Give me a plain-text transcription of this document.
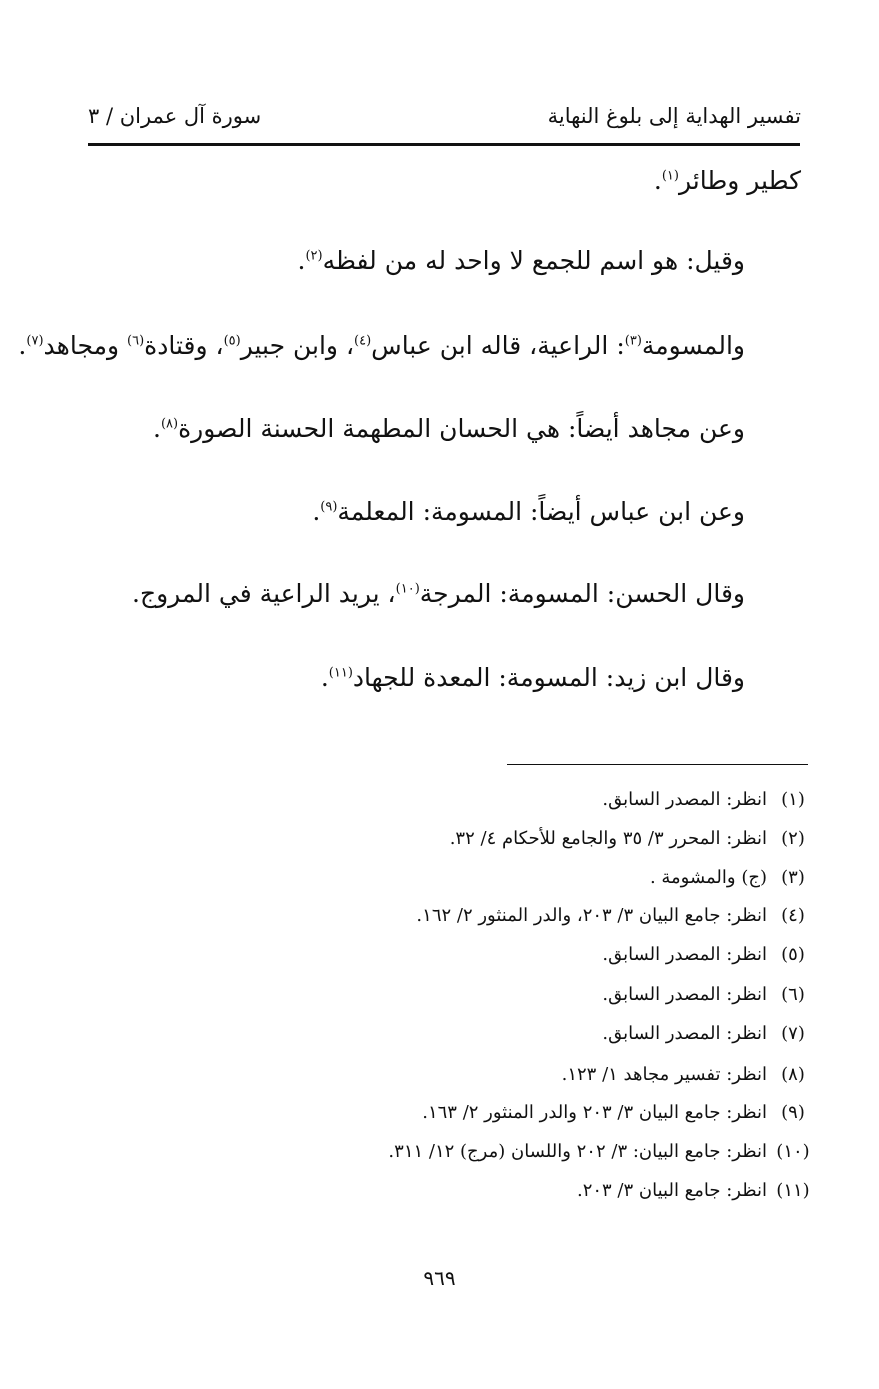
تفسير الهداية إلى بلوغ النهاية
سورة آل عمران / ٣
كطير وطائر$^{(١)}$.
وقيل: هو اسم للجمع لا واحد له من لفظه$^{(٢)}$.
والمسومة$^{(٣)}$: الراعية، قاله ابن عباس$^{(٤)}$، وابن جبير$^{(٥)}$، وقتادة$^{(٦)}$ ومجاهد$^{(٧)}$.
وعن مجاهد أيضاً: هي الحسان المطهمة الحسنة الصورة$^{(٨)}$.
وعن ابن عباس أيضاً: المسومة: المعلمة$^{(٩)}$.
وقال الحسن: المسومة: المرجة$^{(١٠)}$، يريد الراعية في المروج.
وقال ابن زيد: المسومة: المعدة للجهاد$^{(١١)}$.
(١)انظر: المصدر السابق.
(٢)انظر: المحرر ٣/ ٣٥ والجامع للأحكام ٤/ ٣٢.
(٣)(ج) والمشومة .
(٤)انظر: جامع البيان ٣/ ٢٠٣، والدر المنثور ٢/ ١٦٢.
(٥)انظر: المصدر السابق.
(٦)انظر: المصدر السابق.
(٧)انظر: المصدر السابق.
(٨)انظر: تفسير مجاهد ١/ ١٢٣.
(٩)انظر: جامع البيان ٣/ ٢٠٣ والدر المنثور ٢/ ١٦٣.
(١٠)انظر: جامع البيان: ٣/ ٢٠٢ واللسان (مرج) ١٢/ ٣١١.
(١١)انظر: جامع البيان ٣/ ٢٠٣.
٩٦٩
